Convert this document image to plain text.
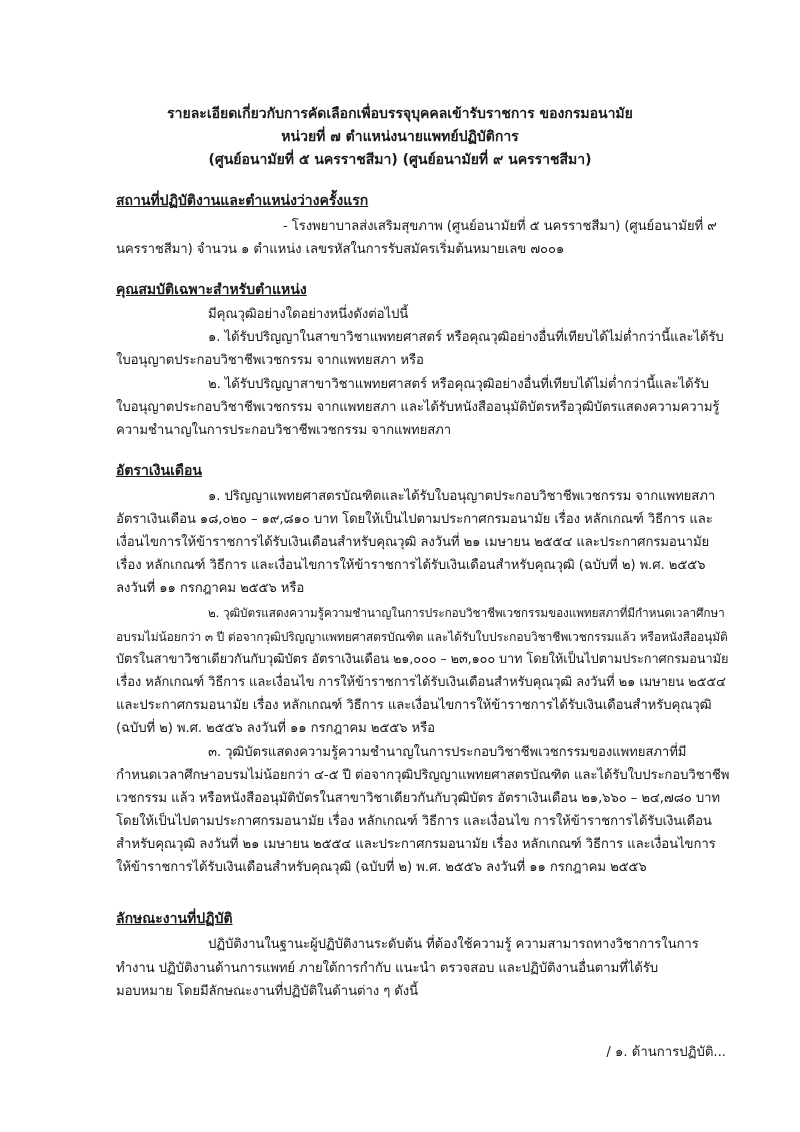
รายละเอียดเกี่ยวกับการคัดเลือกเพื่อบรรจุบุคคลเข้ารับราชการ ของกรมอนามัย
หน่วยที่ ๗ ตำแหน่งนายแพทย์ปฏิบัติการ
(ศูนย์อนามัยที่ ๕ นครราชสีมา) (ศูนย์อนามัยที่ ๙ นครราชสีมา)
สถานที่ปฏิบัติงานและตำแหน่งว่างครั้งแรก
- โรงพยาบาลส่งเสริมสุขภาพ (ศูนย์อนามัยที่ ๕ นครราชสีมา) (ศูนย์อนามัยที่ ๙
นครราชสีมา) จำนวน ๑ ตำแหน่ง เลขรหัสในการรับสมัครเริ่มต้นหมายเลข ๗๐๐๑
คุณสมบัติเฉพาะสำหรับตำแหน่ง
มีคุณวุฒิอย่างใดอย่างหนึ่งดังต่อไปนี้
๑. ได้รับปริญญาในสาขาวิชาแพทยศาสตร์ หรือคุณวุฒิอย่างอื่นที่เทียบได้ไม่ต่ำกว่านี้และได้รับ
ใบอนุญาตประกอบวิชาชีพเวชกรรม จากแพทยสภา หรือ
๒. ได้รับปริญญาสาขาวิชาแพทยศาสตร์ หรือคุณวุฒิอย่างอื่นที่เทียบได้ไม่ต่ำกว่านี้และได้รับ
ใบอนุญาตประกอบวิชาชีพเวชกรรม จากแพทยสภา และได้รับหนังสืออนุมัติบัตรหรือวุฒิบัตรแสดงความความรู้
ความชำนาญในการประกอบวิชาชีพเวชกรรม จากแพทยสภา
อัตราเงินเดือน
๑. ปริญญาแพทยศาสตรบัณฑิตและได้รับใบอนุญาตประกอบวิชาชีพเวชกรรม จากแพทยสภา
อัตราเงินเดือน ๑๘,๐๒๐ – ๑๙,๘๑๐ บาท โดยให้เป็นไปตามประกาศกรมอนามัย เรื่อง หลักเกณฑ์ วิธีการ และ
เงื่อนไขการให้ข้าราชการได้รับเงินเดือนสำหรับคุณวุฒิ ลงวันที่ ๒๑ เมษายน ๒๕๕๔ และประกาศกรมอนามัย
เรื่อง หลักเกณฑ์ วิธีการ และเงื่อนไขการให้ข้าราชการได้รับเงินเดือนสำหรับคุณวุฒิ (ฉบับที่ ๒) พ.ศ. ๒๕๕๖
ลงวันที่ ๑๑ กรกฎาคม ๒๕๕๖ หรือ
๒. วุฒิบัตรแสดงความรู้ความชำนาญในการประกอบวิชาชีพเวชกรรมของแพทยสภาที่มีกำหนดเวลาศึกษา
อบรมไม่น้อยกว่า ๓ ปี ต่อจากวุฒิปริญญาแพทยศาสตรบัณฑิต และได้รับใบประกอบวิชาชีพเวชกรรมแล้ว หรือหนังสืออนุมัติ
บัตรในสาขาวิชาเดียวกันกับวุฒิบัตร อัตราเงินเดือน ๒๑,๐๐๐ – ๒๓,๑๐๐ บาท โดยให้เป็นไปตามประกาศกรมอนามัย
เรื่อง หลักเกณฑ์ วิธีการ และเงื่อนไข การให้ข้าราชการได้รับเงินเดือนสำหรับคุณวุฒิ ลงวันที่ ๒๑ เมษายน ๒๕๕๔
และประกาศกรมอนามัย เรื่อง หลักเกณฑ์ วิธีการ และเงื่อนไขการให้ข้าราชการได้รับเงินเดือนสำหรับคุณวุฒิ
(ฉบับที่ ๒) พ.ศ. ๒๕๕๖ ลงวันที่ ๑๑ กรกฎาคม ๒๕๕๖ หรือ
๓. วุฒิบัตรแสดงความรู้ความชำนาญในการประกอบวิชาชีพเวชกรรมของแพทยสภาที่มี
กำหนดเวลาศึกษาอบรมไม่น้อยกว่า ๔-๕ ปี ต่อจากวุฒิปริญญาแพทยศาสตรบัณฑิต และได้รับใบประกอบวิชาชีพ
เวชกรรม แล้ว หรือหนังสืออนุมัติบัตรในสาขาวิชาเดียวกันกับวุฒิบัตร อัตราเงินเดือน ๒๑,๖๖๐ – ๒๔,๗๘๐ บาท
โดยให้เป็นไปตามประกาศกรมอนามัย เรื่อง หลักเกณฑ์ วิธีการ และเงื่อนไข การให้ข้าราชการได้รับเงินเดือน
สำหรับคุณวุฒิ ลงวันที่ ๒๑ เมษายน ๒๕๕๔ และประกาศกรมอนามัย เรื่อง หลักเกณฑ์ วิธีการ และเงื่อนไขการ
ให้ข้าราชการได้รับเงินเดือนสำหรับคุณวุฒิ (ฉบับที่ ๒) พ.ศ. ๒๕๕๖ ลงวันที่ ๑๑ กรกฎาคม ๒๕๕๖
ลักษณะงานที่ปฏิบัติ
ปฏิบัติงานในฐานะผู้ปฏิบัติงานระดับต้น ที่ต้องใช้ความรู้ ความสามารถทางวิชาการในการ
ทำงาน ปฏิบัติงานด้านการแพทย์ ภายใต้การกำกับ แนะนำ ตรวจสอบ และปฏิบัติงานอื่นตามที่ได้รับ
มอบหมาย โดยมีลักษณะงานที่ปฏิบัติในด้านต่าง ๆ ดังนี้
/ ๑. ด้านการปฏิบัติ...
